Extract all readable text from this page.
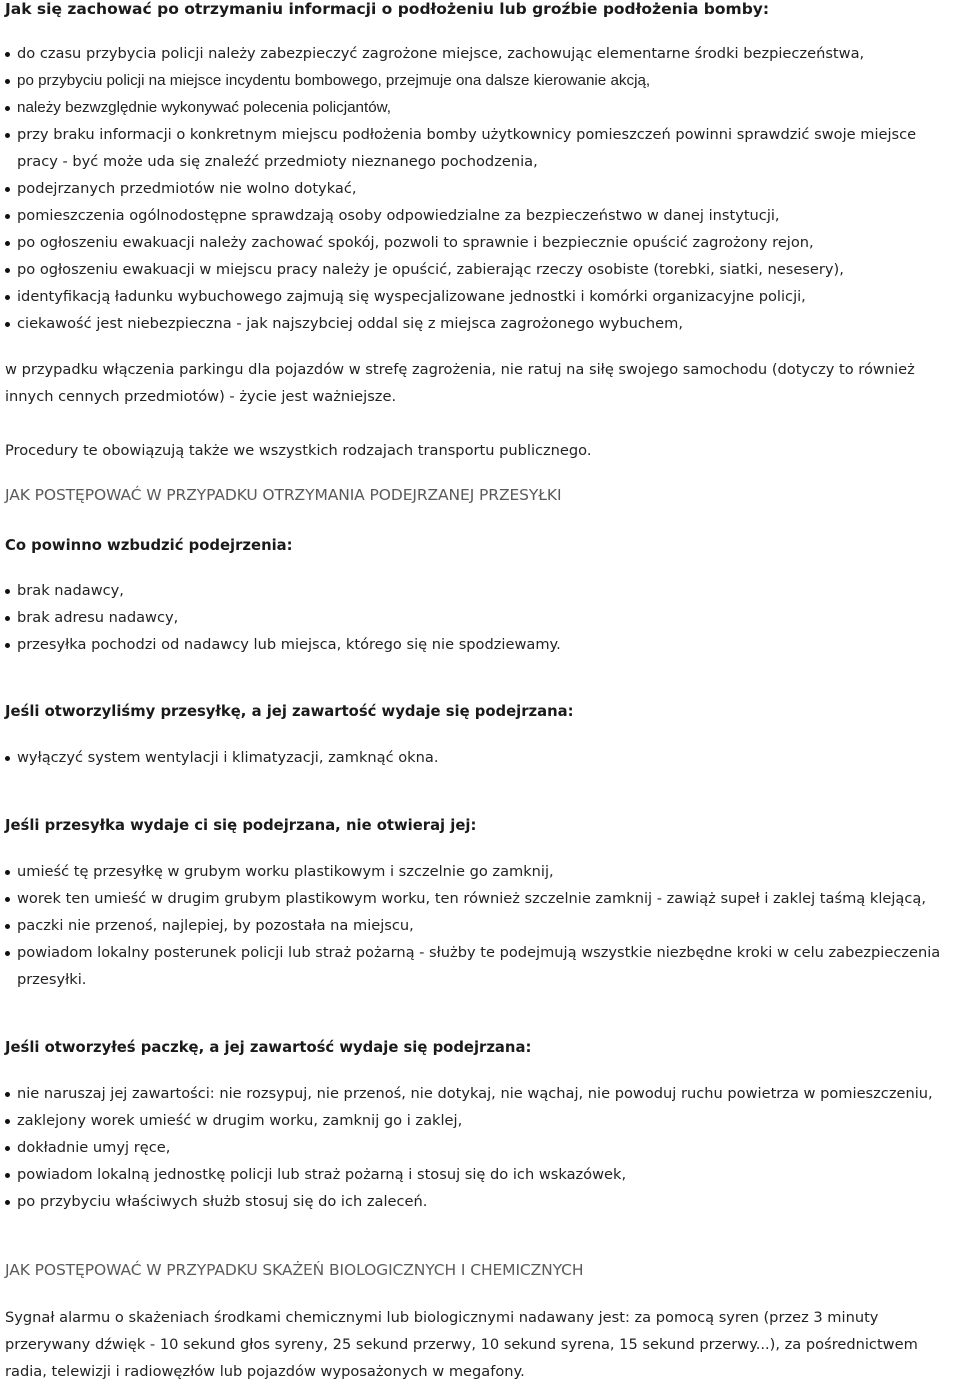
Jak się zachować po otrzymaniu informacji o podłożeniu lub groźbie podłożenia bomby:
do czasu przybycia policji należy zabezpieczyć zagrożone miejsce, zachowując elementarne środki bezpieczeństwa,
po przybyciu policji na miejsce incydentu bombowego, przejmuje ona dalsze kierowanie akcją,
należy bezwzględnie wykonywać polecenia policjantów,
przy braku informacji o konkretnym miejscu podłożenia bomby użytkownicy pomieszczeń powinni sprawdzić swoje miejsce pracy - być może uda się znaleźć przedmioty nieznanego pochodzenia,
podejrzanych przedmiotów nie wolno dotykać,
pomieszczenia ogólnodostępne sprawdzają osoby odpowiedzialne za bezpieczeństwo w danej instytucji,
po ogłoszeniu ewakuacji należy zachować spokój, pozwoli to sprawnie i bezpiecznie opuścić zagrożony rejon,
po ogłoszeniu ewakuacji w miejscu pracy należy je opuścić, zabierając rzeczy osobiste (torebki, siatki, nesesery),
identyfikacją ładunku wybuchowego zajmują się wyspecjalizowane jednostki i komórki organizacyjne policji,
ciekawość jest niebezpieczna - jak najszybciej oddal się z miejsca zagrożonego wybuchem,
w przypadku włączenia parkingu dla pojazdów w strefę zagrożenia, nie ratuj na siłę swojego samochodu (dotyczy to również innych cennych przedmiotów) - życie jest ważniejsze.
Procedury te obowiązują także we wszystkich rodzajach transportu publicznego.
JAK POSTĘPOWAĆ W PRZYPADKU OTRZYMANIA PODEJRZANEJ PRZESYŁKI
Co powinno wzbudzić podejrzenia:
brak nadawcy,
brak adresu nadawcy,
przesyłka pochodzi od nadawcy lub miejsca, którego się nie spodziewamy.
Jeśli otworzyliśmy przesyłkę, a jej zawartość wydaje się podejrzana:
wyłączyć system wentylacji i klimatyzacji, zamknąć okna.
Jeśli przesyłka wydaje ci się podejrzana, nie otwieraj jej:
umieść tę przesyłkę w grubym worku plastikowym i szczelnie go zamknij,
worek ten umieść w drugim grubym plastikowym worku, ten również szczelnie zamknij - zawiąż supeł i zaklej taśmą klejącą,
paczki nie przenoś, najlepiej, by pozostała na miejscu,
powiadom lokalny posterunek policji lub straż pożarną - służby te podejmują wszystkie niezbędne kroki w celu zabezpieczenia przesyłki.
Jeśli otworzyłeś paczkę, a jej zawartość wydaje się podejrzana:
nie naruszaj jej zawartości: nie rozsypuj, nie przenoś, nie dotykaj, nie wąchaj, nie powoduj ruchu powietrza w pomieszczeniu,
zaklejony worek umieść w drugim worku, zamknij go i zaklej,
dokładnie umyj ręce,
powiadom lokalną jednostkę policji lub straż pożarną i stosuj się do ich wskazówek,
po przybyciu właściwych służb stosuj się do ich zaleceń.
JAK POSTĘPOWAĆ W PRZYPADKU SKAŻEŃ BIOLOGICZNYCH I CHEMICZNYCH
Sygnał alarmu o skażeniach środkami chemicznymi lub biologicznymi nadawany jest: za pomocą syren (przez 3 minuty przerywany dźwięk - 10 sekund głos syreny, 25 sekund przerwy, 10 sekund syrena, 15 sekund przerwy...), za pośrednictwem radia, telewizji i radiowęzłów lub pojazdów wyposażonych w megafony.
